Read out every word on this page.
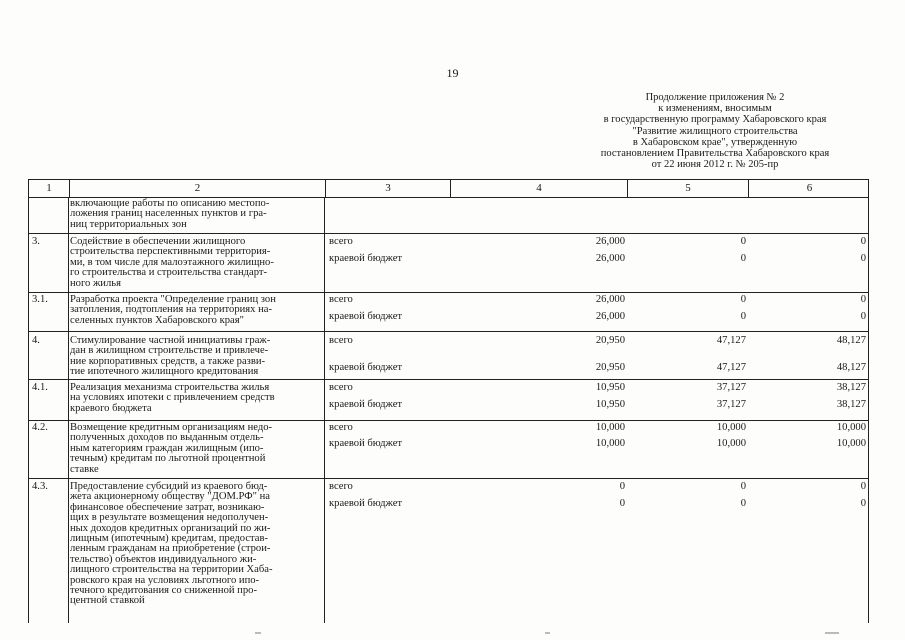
19
Продолжение приложения № 2
к изменениям, вносимым
в государственную программу Хабаровского края
"Развитие жилищного строительства
в Хабаровском крае", утвержденную
постановлением Правительства Хабаровского края
от 22 июня 2012 г. № 205-пр
1	2	3	4	5	6
включающие работы по описанию местопо-
ложения границ населенных пунктов и гра-
ниц территориальных зон
3.	Содействие в обеспечении жилищного
строительства перспективными территория-
ми, в том числе для малоэтажного жилищно-
го строительства и строительства стандарт-
ного жилья
всего	26,000	0	0
краевой бюджет	26,000	0	0
3.1.	Разработка проекта "Определение границ зон
затопления, подтопления на территориях на-
селенных пунктов Хабаровского края"
всего	26,000	0	0
краевой бюджет	26,000	0	0
4.	Стимулирование частной инициативы граж-
дан в жилищном строительстве и привлече-
ние корпоративных средств, а также разви-
тие ипотечного жилищного кредитования
всего	20,950	47,127	48,127
краевой бюджет	20,950	47,127	48,127
4.1.	Реализация механизма строительства жилья
на условиях ипотеки с привлечением средств
краевого бюджета
всего	10,950	37,127	38,127
краевой бюджет	10,950	37,127	38,127
4.2.	Возмещение кредитным организациям недо-
полученных доходов по выданным отдель-
ным категориям граждан жилищным (ипо-
течным) кредитам по льготной процентной
ставке
всего	10,000	10,000	10,000
краевой бюджет	10,000	10,000	10,000
4.3.	Предоставление субсидий из краевого бюд-
жета акционерному обществу "ДОМ.РФ" на
финансовое обеспечение затрат, возникаю-
щих в результате возмещения недополучен-
ных доходов кредитных организаций по жи-
лищным (ипотечным) кредитам, предостав-
ленным гражданам на приобретение (строи-
тельство) объектов индивидуального жи-
лищного строительства на территории Хаба-
ровского края на условиях льготного ипо-
течного кредитования со сниженной про-
центной ставкой
всего	0	0	0
краевой бюджет	0	0	0
